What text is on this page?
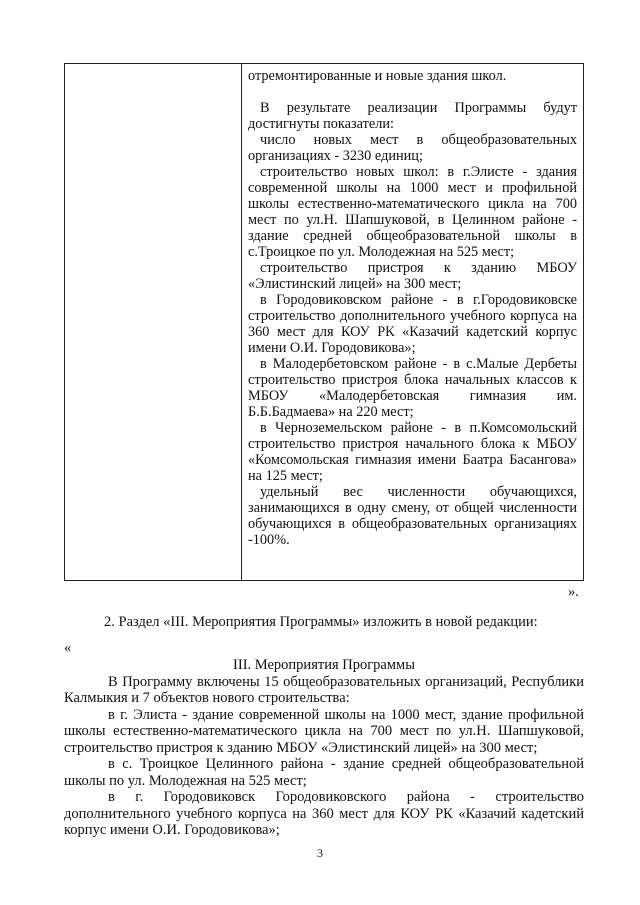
отремонтированные и новые здания школ.

В результате реализации Программы будут достигнуты показатели:

число новых мест в общеобразовательных организациях - 3230 единиц;

строительство новых школ: в г.Элисте - здания современной школы на 1000 мест и профильной школы естественно-математического цикла на 700 мест по ул.Н. Шапшуковой, в Целинном районе - здание средней общеобразовательной школы в с.Троицкое по ул. Молодежная на 525 мест;

строительство пристроя к зданию МБОУ «Элистинский лицей» на 300 мест;

в Городовиковском районе - в г.Городовиковске строительство дополнительного учебного корпуса на 360 мест для КОУ РК «Казачий кадетский корпус имени О.И. Городовикова»;

в Малодербетовском районе - в с.Малые Дербеты строительство пристроя блока начальных классов к МБОУ «Малодербетовская гимназия им. Б.Б.Бадмаева» на 220 мест;

в Черноземельском районе - в п.Комсомольский строительство пристроя начального блока к МБОУ «Комсомольская гимназия имени Баатра Басангова» на 125 мест;

удельный вес численности обучающихся, занимающихся в одну смену, от общей численности обучающихся в общеобразовательных организациях -100%.

».

2. Раздел «III. Мероприятия Программы» изложить в новой редакции:

«

III. Мероприятия Программы

В Программу включены 15 общеобразовательных организаций, Республики Калмыкия и 7 объектов нового строительства:

в г. Элиста - здание современной школы на 1000 мест, здание профильной школы естественно-математического цикла на 700 мест по ул.Н. Шапшуковой, строительство пристроя к зданию МБОУ «Элистинский лицей» на 300 мест;

в с. Троицкое Целинного района - здание средней общеобразовательной школы по ул. Молодежная на 525 мест;

в г. Городовиковск Городовиковского района - строительство дополнительного учебного корпуса на 360 мест для КОУ РК «Казачий кадетский корпус имени О.И. Городовикова»;

3
